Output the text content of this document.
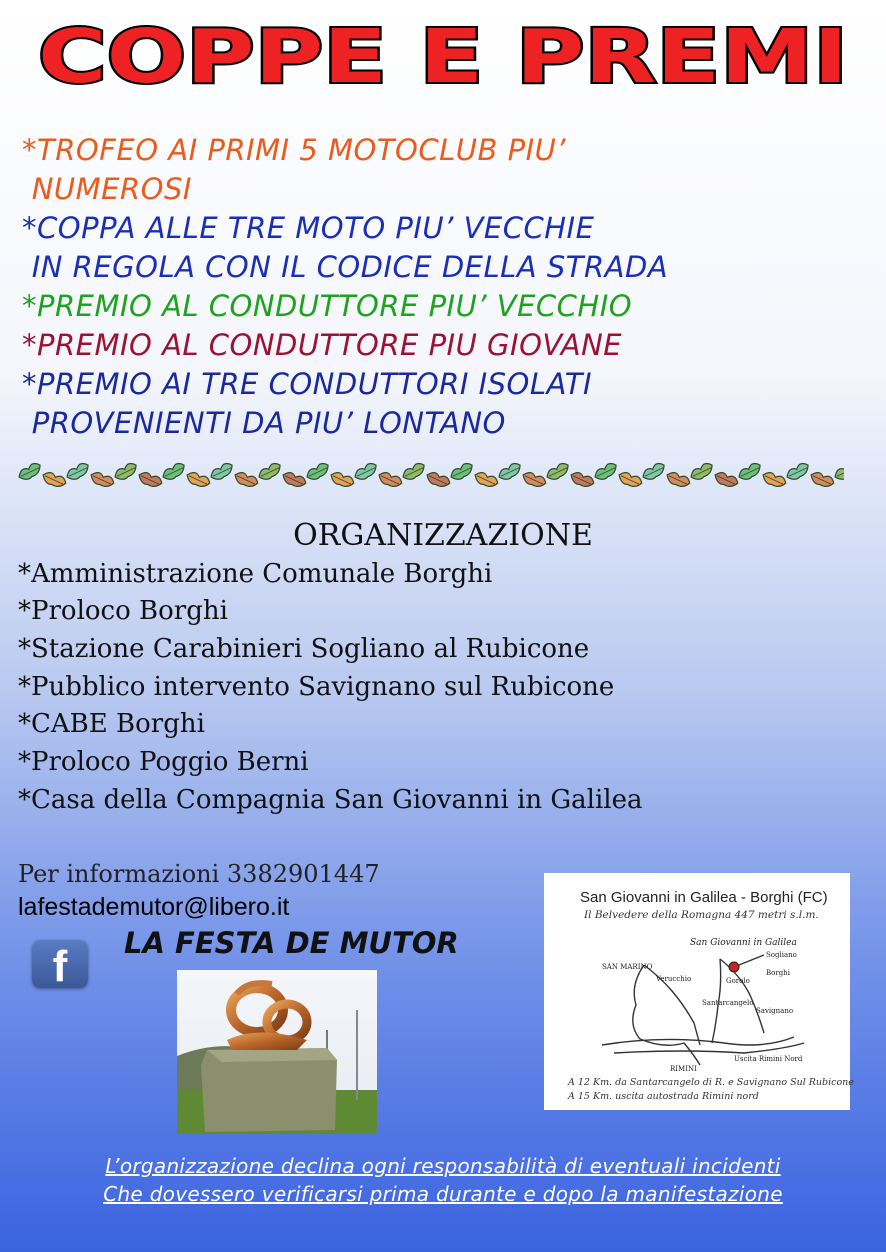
COPPE E PREMI
*TROFEO AI PRIMI 5 MOTOCLUB PIU’
NUMEROSI
*COPPA ALLE TRE MOTO PIU’ VECCHIE
IN REGOLA CON IL CODICE DELLA STRADA
*PREMIO AL CONDUTTORE PIU’ VECCHIO
*PREMIO AL CONDUTTORE PIU GIOVANE
*PREMIO AI TRE CONDUTTORI ISOLATI
PROVENIENTI DA PIU’ LONTANO
ORGANIZZAZIONE
*Amministrazione Comunale Borghi
*Proloco Borghi
*Stazione Carabinieri Sogliano al Rubicone
*Pubblico intervento Savignano sul Rubicone
*CABE Borghi
*Proloco Poggio Berni
*Casa della Compagnia San Giovanni in Galilea
Per informazioni 3382901447
lafestademutor@libero.it
f	LA FESTA DE MUTOR
San Giovanni in Galilea - Borghi (FC)
Il Belvedere della Romagna 447 metri s.l.m.
San Giovanni in Galilea
SAN MARINO
Sogliano
Borghi
Gorolo
Verucchio
Santarcangelo
Savignano
Uscita Rimini Nord
RIMINI
A 12 Km. da Santarcangelo di R. e Savignano Sul Rubicone
A 15 Km. uscita autostrada Rimini nord
L’organizzazione declina ogni responsabilità di eventuali incidenti
Che dovessero verificarsi prima durante e dopo la manifestazione
